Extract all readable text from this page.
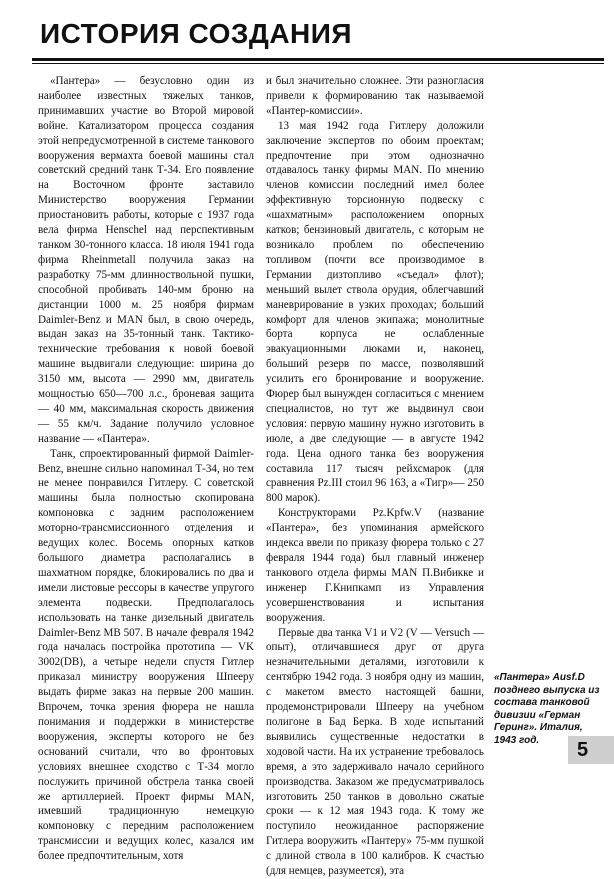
ИСТОРИЯ СОЗДАНИЯ

«Пантера» — безусловно один из наиболее известных тяжелых танков, принимавших участие во Второй мировой войне. Катализатором процесса создания этой непредусмотренной в системе танкового вооружения вермахта боевой машины стал советский средний танк Т-34. Его появление на Восточном фронте заставило Министерство вооружения Германии приостановить работы, которые с 1937 года вела фирма Henschel над перспективным танком 30-тонного класса. 18 июля 1941 года фирма Rheinmetall получила заказ на разработку 75-мм длинноствольной пушки, способной пробивать 140-мм броню на дистанции 1000 м. 25 ноября фирмам Daimler-Benz и MAN был, в свою очередь, выдан заказ на 35-тонный танк. Тактико-технические требования к новой боевой машине выдвигали следующие: ширина до 3150 мм, высота — 2990 мм, двигатель мощностью 650—700 л.с., броневая защита— 40 мм, максимальная скорость движения — 55 км/ч. Задание получило условное название — «Пантера».

Танк, спроектированный фирмой Daimler-Benz, внешне сильно напоминал Т-34, но тем не менее понравился Гитлеру. С советской машины была полностью скопирована компоновка с задним расположением моторно-трансмиссионного отделения и ведущих колес. Восемь опорных катков большого диаметра располагались в шахматном порядке, блокировались по два и имели листовые рессоры в качестве упругого элемента подвески. Предполагалось использовать на танке дизельный двигатель Daimler-Benz MB 507. В начале февраля 1942 года началась постройка прототипа — VK 3002(DB), а четыре недели спустя Гитлер приказал министру вооружения Шпееру выдать фирме заказ на первые 200 машин. Впрочем, точка зрения фюрера не нашла понимания и поддержки в министерстве вооружения, эксперты которого не без оснований считали, что во фронтовых условиях внешнее сходство с Т-34 могло послужить причиной обстрела танка своей же артиллерией. Проект фирмы MAN, имевший традиционную немецкую компоновку с передним расположением трансмиссии и ведущих колес, казался им более предпочтительным, хотя

и был значительно сложнее. Эти разногласия привели к формированию так называемой «Пантер-комиссии».

13 мая 1942 года Гитлеру доложили заключение экспертов по обоим проектам; предпочтение при этом однозначно отдавалось танку фирмы MAN. По мнению членов комиссии последний имел более эффективную торсионную подвеску с «шахматным» расположением опорных катков; бензиновый двигатель, с которым не возникало проблем по обеспечению топливом (почти все производимое в Германии дизтопливо «съедал» флот); меньший вылет ствола орудия, облегчавший маневрирование в узких проходах; больший комфорт для членов экипажа; монолитные борта корпуса не ослабленные эвакуационными люками и, наконец, больший резерв по массе, позволявший усилить его бронирование и вооружение. Фюрер был вынужден согласиться с мнением специалистов, но тут же выдвинул свои условия: первую машину нужно изготовить в июле, а две следующие — в августе 1942 года. Цена одного танка без вооружения составила 117 тысяч рейхсмарок (для сравнения Pz.III стоил 96 163, а «Тигр»— 250 800 марок).

Конструкторами Pz.Kpfw.V (название «Пантера», без упоминания армейского индекса ввели по приказу фюрера только с 27 февраля 1944 года) был главный инженер танкового отдела фирмы MAN П.Вибикке и инженер Г.Книпкамп из Управления усовершенствования и испытания вооружения.

Первые два танка V1 и V2 (V — Versuch — опыт), отличавшиеся друг от друга незначительными деталями, изготовили к сентябрю 1942 года. 3 ноября одну из машин, с макетом вместо настоящей башни, продемонстрировали Шпееру на учебном полигоне в Бад Берка. В ходе испытаний выявились существенные недостатки в ходовой части. На их устранение требовалось время, а это задерживало начало серийного производства. Заказом же предусматривалось изготовить 250 танков в довольно сжатые сроки — к 12 мая 1943 года. К тому же поступило неожиданное распоряжение Гитлера вооружить «Пантеру» 75-мм пушкой с длиной ствола в 100 калибров. К счастью (для немцев, разумеется), эта

«Пантера» Ausf.D позднего выпуска из состава танковой дивизии «Герман Геринг». Италия, 1943 год.	5
